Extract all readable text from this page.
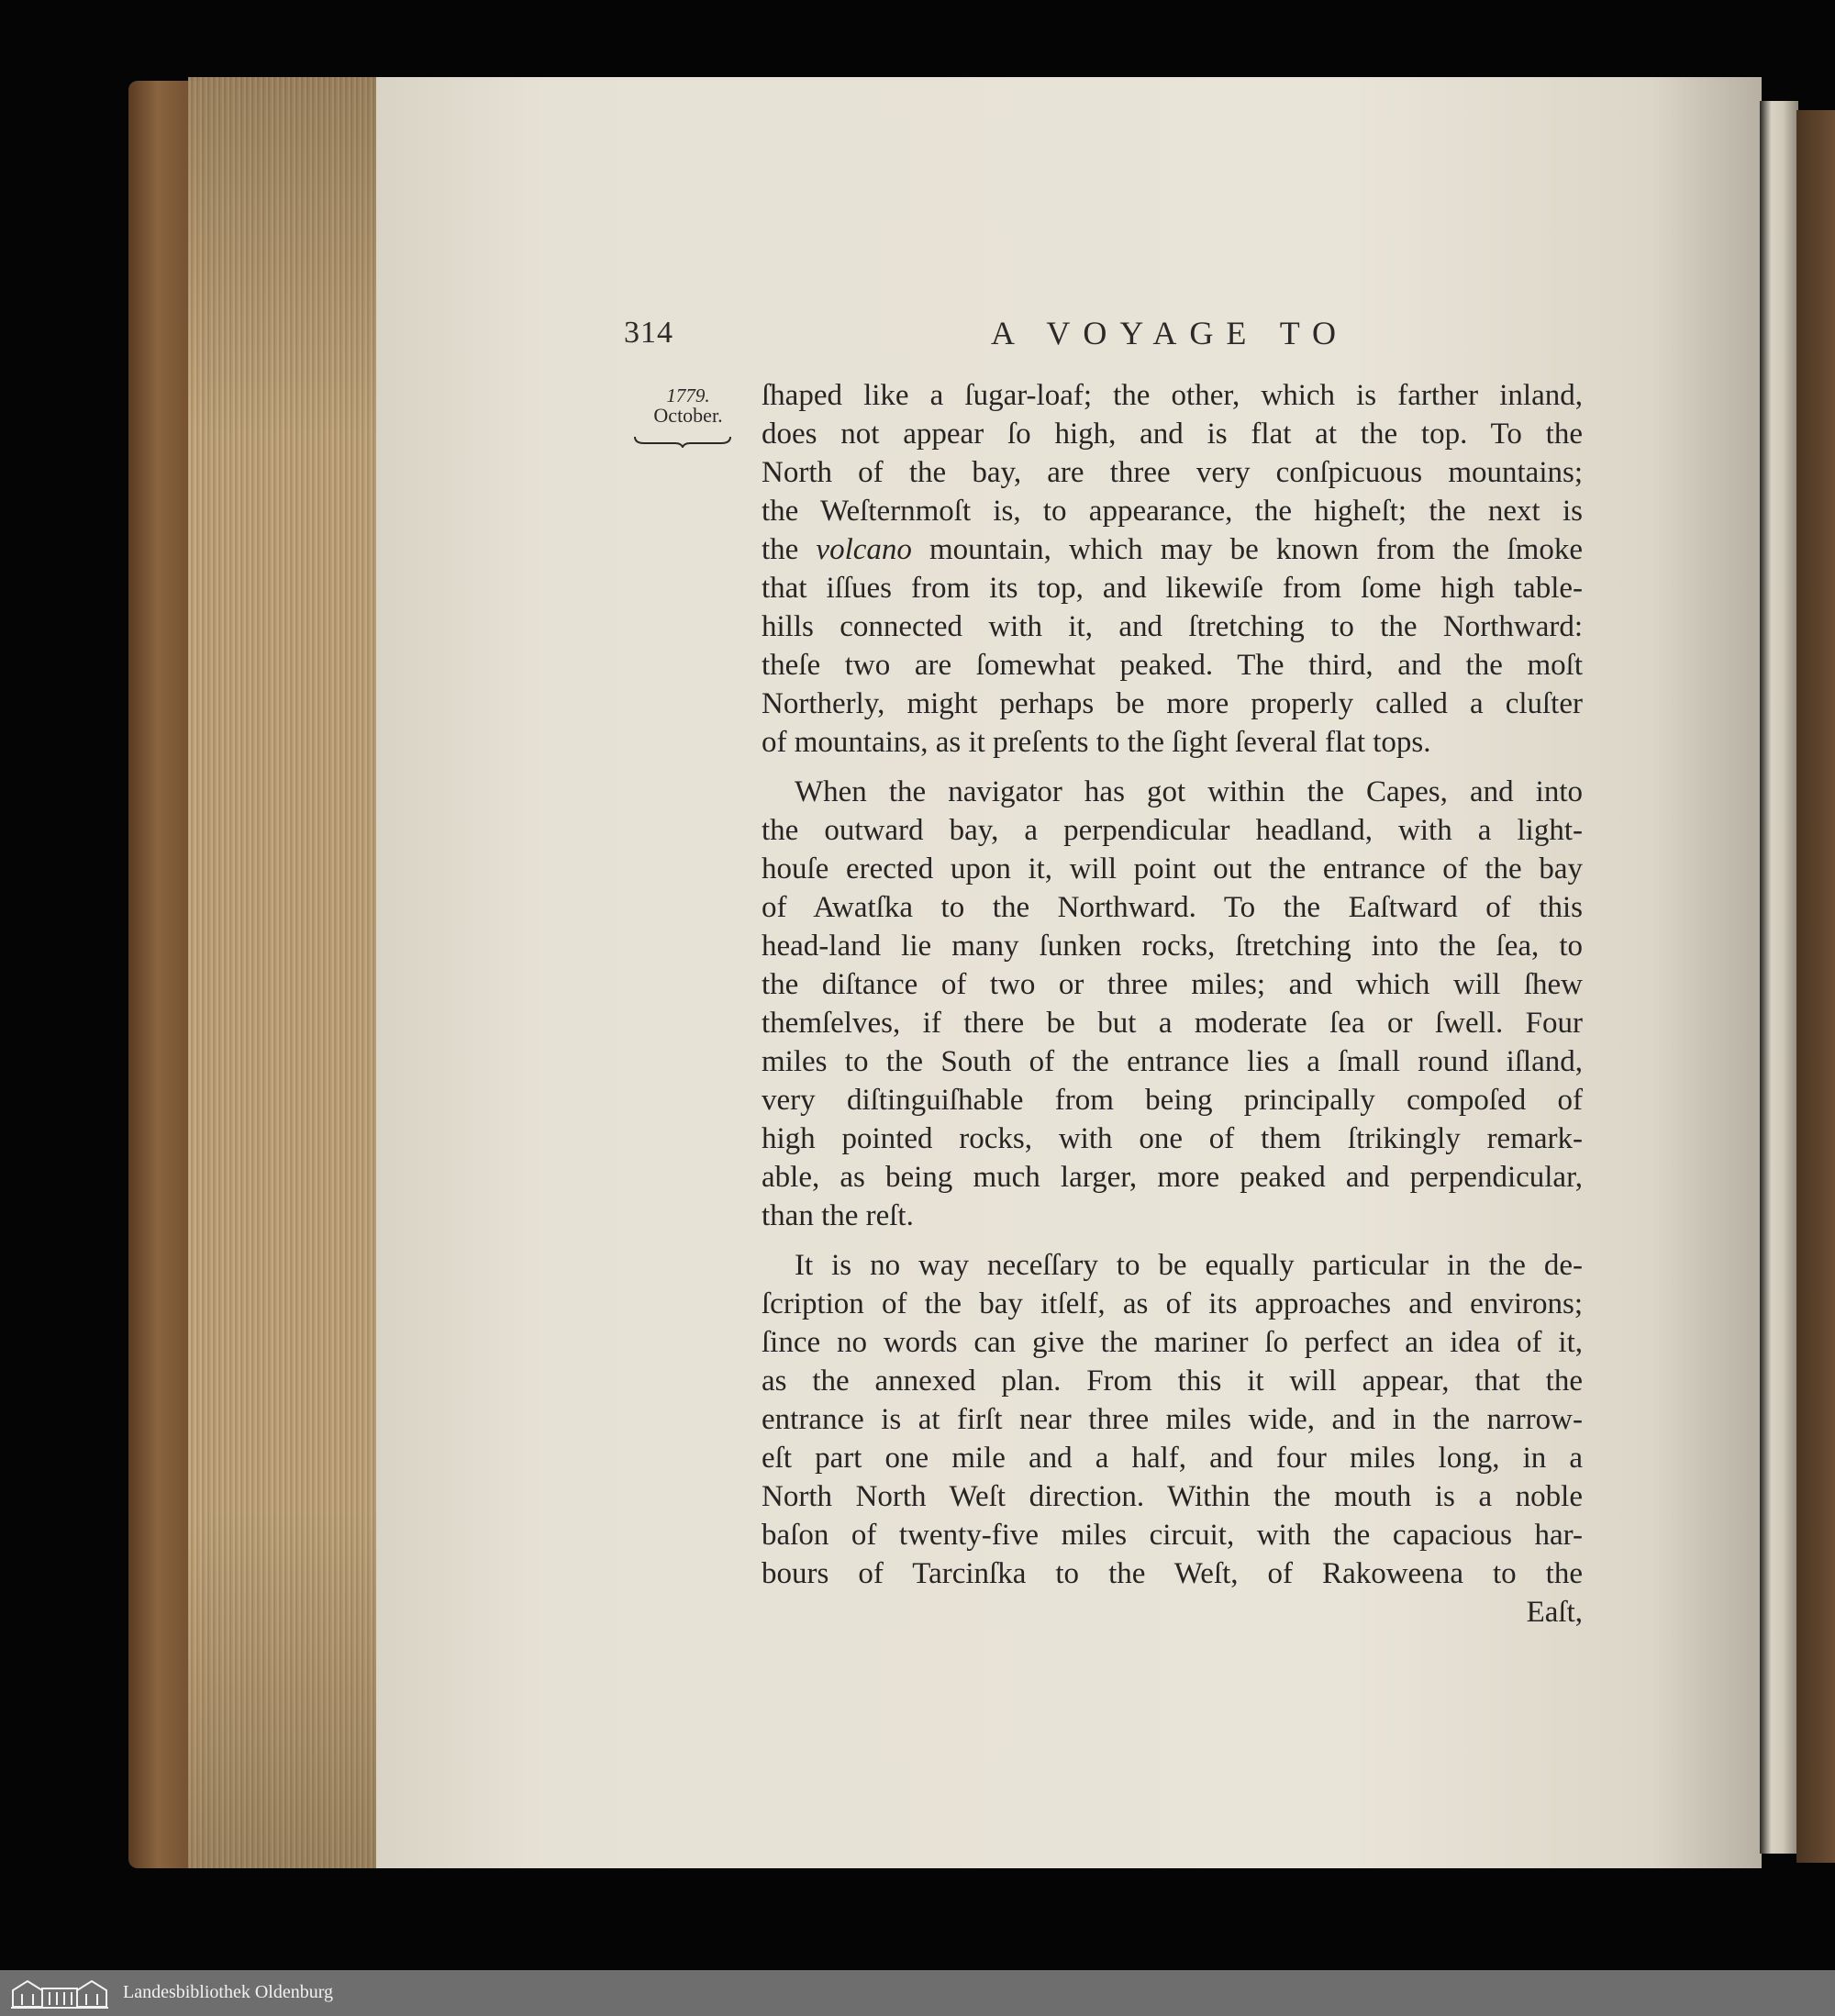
314	A VOYAGE TO
1779.
October.
ſhaped like a ſugar-loaf; the other, which is farther inland,
does not appear ſo high, and is flat at the top. To the
North of the bay, are three very conſpicuous mountains;
the Weſternmoſt is, to appearance, the higheſt; the next is
the volcano mountain, which may be known from the ſmoke
that iſſues from its top, and likewiſe from ſome high table-
hills connected with it, and ſtretching to the Northward:
theſe two are ſomewhat peaked. The third, and the moſt
Northerly, might perhaps be more properly called a cluſter
of mountains, as it preſents to the ſight ſeveral flat tops.
When the navigator has got within the Capes, and into
the outward bay, a perpendicular headland, with a light-
houſe erected upon it, will point out the entrance of the bay
of Awatſka to the Northward. To the Eaſtward of this
head-land lie many ſunken rocks, ſtretching into the ſea, to
the diſtance of two or three miles; and which will ſhew
themſelves, if there be but a moderate ſea or ſwell. Four
miles to the South of the entrance lies a ſmall round iſland,
very diſtinguiſhable from being principally compoſed of
high pointed rocks, with one of them ſtrikingly remark-
able, as being much larger, more peaked and perpendicular,
than the reſt.
It is no way neceſſary to be equally particular in the de-
ſcription of the bay itſelf, as of its approaches and environs;
ſince no words can give the mariner ſo perfect an idea of it,
as the annexed plan. From this it will appear, that the
entrance is at firſt near three miles wide, and in the narrow-
eſt part one mile and a half, and four miles long, in a
North North Weſt direction. Within the mouth is a noble
baſon of twenty-five miles circuit, with the capacious har-
bours of Tarcinſka to the Weſt, of Rakoweena to the
Eaſt,
Landesbibliothek Oldenburg
